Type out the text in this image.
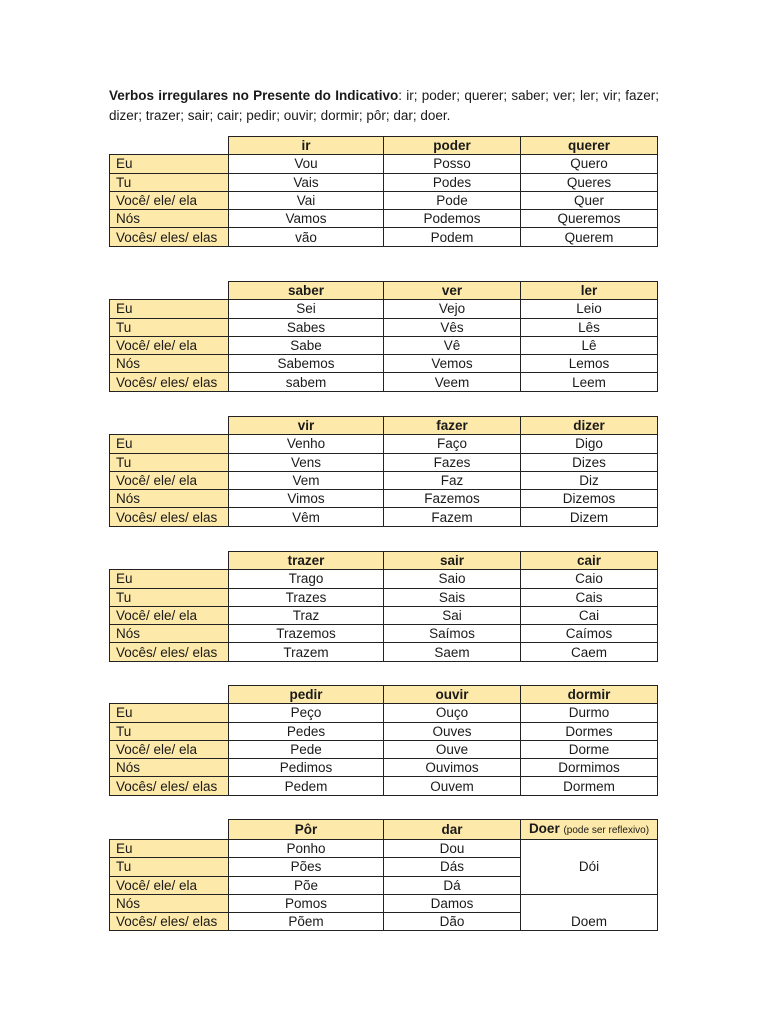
Verbos irregulares no Presente do Indicativo: ir; poder; querer; saber; ver; ler; vir; fazer; dizer; trazer; sair; cair; pedir; ouvir; dormir; pôr; dar; doer.
	ir	poder	querer
Eu	Vou	Posso	Quero
Tu	Vais	Podes	Queres
Você/ ele/ ela	Vai	Pode	Quer
Nós	Vamos	Podemos	Queremos
Vocês/ eles/ elas	vão	Podem	Querem
	saber	ver	ler
Eu	Sei	Vejo	Leio
Tu	Sabes	Vês	Lês
Você/ ele/ ela	Sabe	Vê	Lê
Nós	Sabemos	Vemos	Lemos
Vocês/ eles/ elas	sabem	Veem	Leem
	vir	fazer	dizer
Eu	Venho	Faço	Digo
Tu	Vens	Fazes	Dizes
Você/ ele/ ela	Vem	Faz	Diz
Nós	Vimos	Fazemos	Dizemos
Vocês/ eles/ elas	Vêm	Fazem	Dizem
	trazer	sair	cair
Eu	Trago	Saio	Caio
Tu	Trazes	Sais	Cais
Você/ ele/ ela	Traz	Sai	Cai
Nós	Trazemos	Saímos	Caímos
Vocês/ eles/ elas	Trazem	Saem	Caem
	pedir	ouvir	dormir
Eu	Peço	Ouço	Durmo
Tu	Pedes	Ouves	Dormes
Você/ ele/ ela	Pede	Ouve	Dorme
Nós	Pedimos	Ouvimos	Dormimos
Vocês/ eles/ elas	Pedem	Ouvem	Dormem
	Pôr	dar	Doer (pode ser reflexivo)
Eu	Ponho	Dou	Dói
Tu	Pões	Dás	
Você/ ele/ ela	Põe	Dá	
Nós	Pomos	Damos	Doem
Vocês/ eles/ elas	Põem	Dão	
